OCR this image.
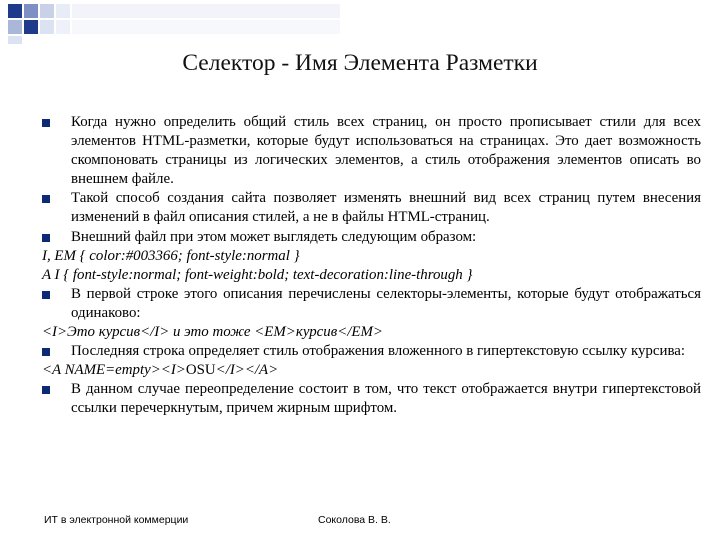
Селектор - Имя Элемента Разметки
Когда нужно определить общий стиль всех страниц, он просто прописывает стили для всех элементов HTML-разметки, которые будут использоваться на страницах. Это дает возможность скомпоновать страницы из логических элементов, а стиль отображения элементов описать во внешнем файле.
Такой способ создания сайта позволяет изменять внешний вид всех страниц путем внесения изменений в файл описания стилей, а не в файлы HTML-страниц.
Внешний файл при этом может выглядеть следующим образом:
I, EM { color:#003366; font-style:normal }
A I { font-style:normal; font-weight:bold; text-decoration:line-through }
В первой строке этого описания перечислены селекторы-элементы, которые будут отображаться одинаково:
<I>Это курсив</I> и это тоже <EM>курсив</EM>
Последняя строка определяет стиль отображения вложенного в гипертекстовую ссылку курсива:
<A NAME=empty><I>OSU</I></A>
В данном случае переопределение состоит в том, что текст отображается внутри гипертекстовой ссылки перечеркнутым, причем жирным шрифтом.
ИТ в электронной коммерции	Соколова В. В.
